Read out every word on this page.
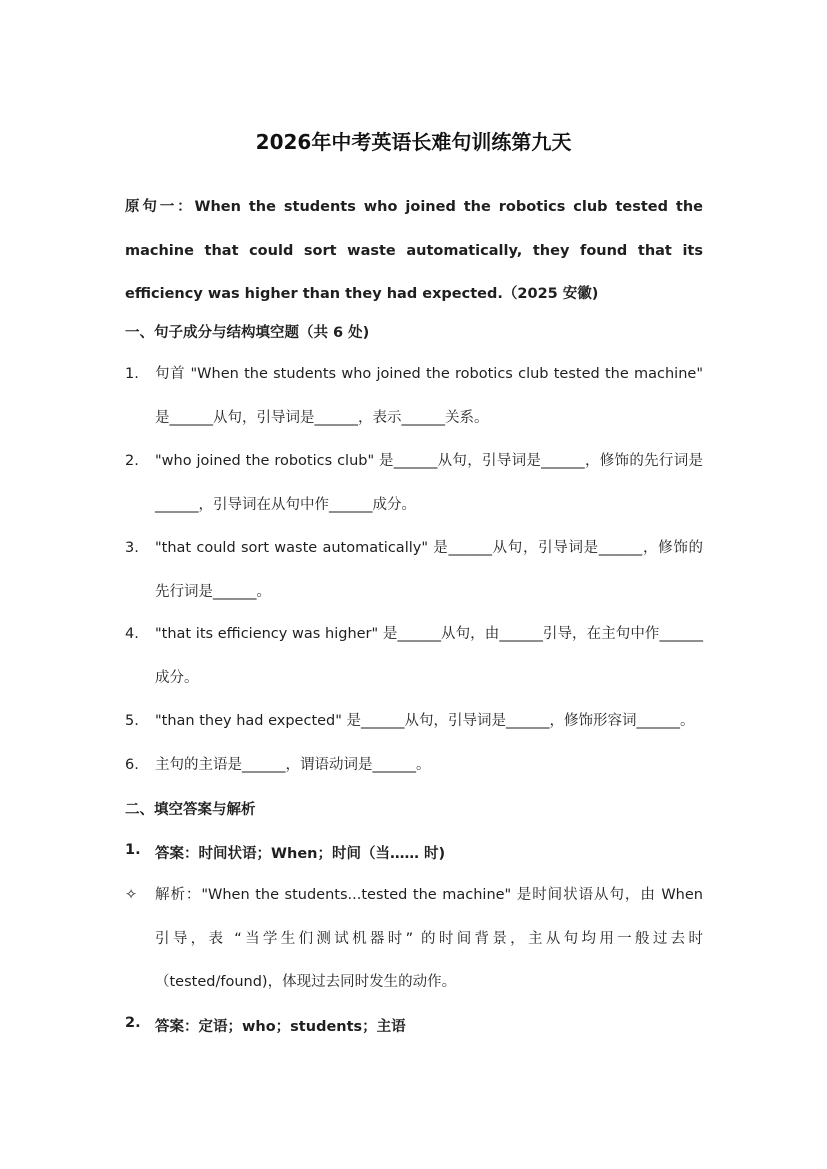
2026年中考英语长难句训练第九天
原句一：When the students who joined the robotics club tested the machine that could sort waste automatically, they found that its efficiency was higher than they had expected.（2025 安徽)
一、句子成分与结构填空题（共 6 处)
1.	句首 "When the students who joined the robotics club tested the machine" 是______从句，引导词是______，表示______关系。
2.	"who joined the robotics club" 是______从句，引导词是______，修饰的先行词是______，引导词在从句中作______成分。
3.	"that could sort waste automatically" 是______从句，引导词是______，修饰的先行词是______。
4.	"that its efficiency was higher" 是______从句，由______引导，在主句中作______成分。
5.	"than they had expected" 是______从句，引导词是______，修饰形容词______。
6.	主句的主语是______，谓语动词是______。
二、填空答案与解析
1. 答案：时间状语；When；时间（当…… 时)
✧ 解析："When the students...tested the machine" 是时间状语从句，由 When 引导，表 “当学生们测试机器时” 的时间背景，主从句均用一般过去时（tested/found)，体现过去同时发生的动作。
2. 答案：定语；who；students；主语
